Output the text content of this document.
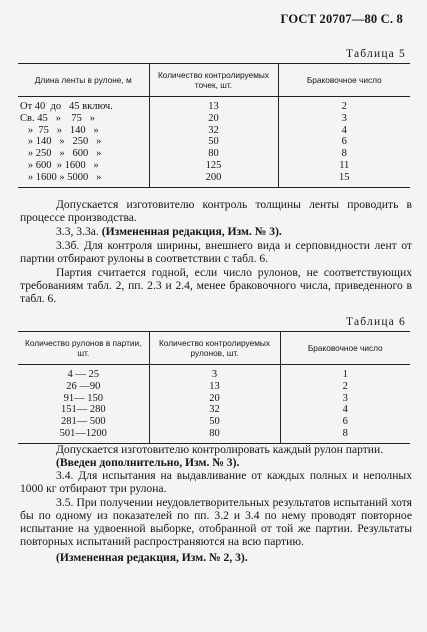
ГОСТ 20707—80 С. 8
Таблица 5
Длина ленты в рулоне, м	Количество контролируемых точек, шт.	Браковочное число
От 40  до   45 включ.	13	2
Св. 45   »    75   »	20	3
»  75   »   140   »	32	4
» 140   »   250   »	50	6
» 250   »   600   »	80	8
» 600  » 1600   »	125	11
» 1600 » 5000   »	200	15
Допускается изготовителю контроль толщины ленты проводить в процессе производства.
3.3, 3.3а. (Измененная редакция, Изм. № 3).
3.3б. Для контроля ширины, внешнего вида и серповидности лент от партии отбирают рулоны в соответствии с табл. 6.
Партия считается годной, если число рулонов, не соответствующих требованиям табл. 2, пп. 2.3 и 2.4, менее браковочного числа, приведенного в табл. 6.
Таблица 6
Количество рулонов в партии, шт.	Количество контролируемых рулонов, шт.	Браковочное число
4 — 25	3	1
26 —90	13	2
91— 150	20	3
151— 280	32	4
281— 500	50	6
501—1200	80	8
Допускается изготовителю контролировать каждый рулон партии.
(Введен дополнительно, Изм. № 3).
3.4. Для испытания на выдавливание от каждых полных и неполных 1000 кг отбирают три рулона.
3.5. При получении неудовлетворительных результатов испытаний хотя бы по одному из показателей по пп. 3.2 и 3.4 по нему проводят повторное испытание на удвоенной выборке, отобранной от той же партии. Результаты повторных испытаний распространяются на всю партию.
(Измененная редакция, Изм. № 2, 3).
